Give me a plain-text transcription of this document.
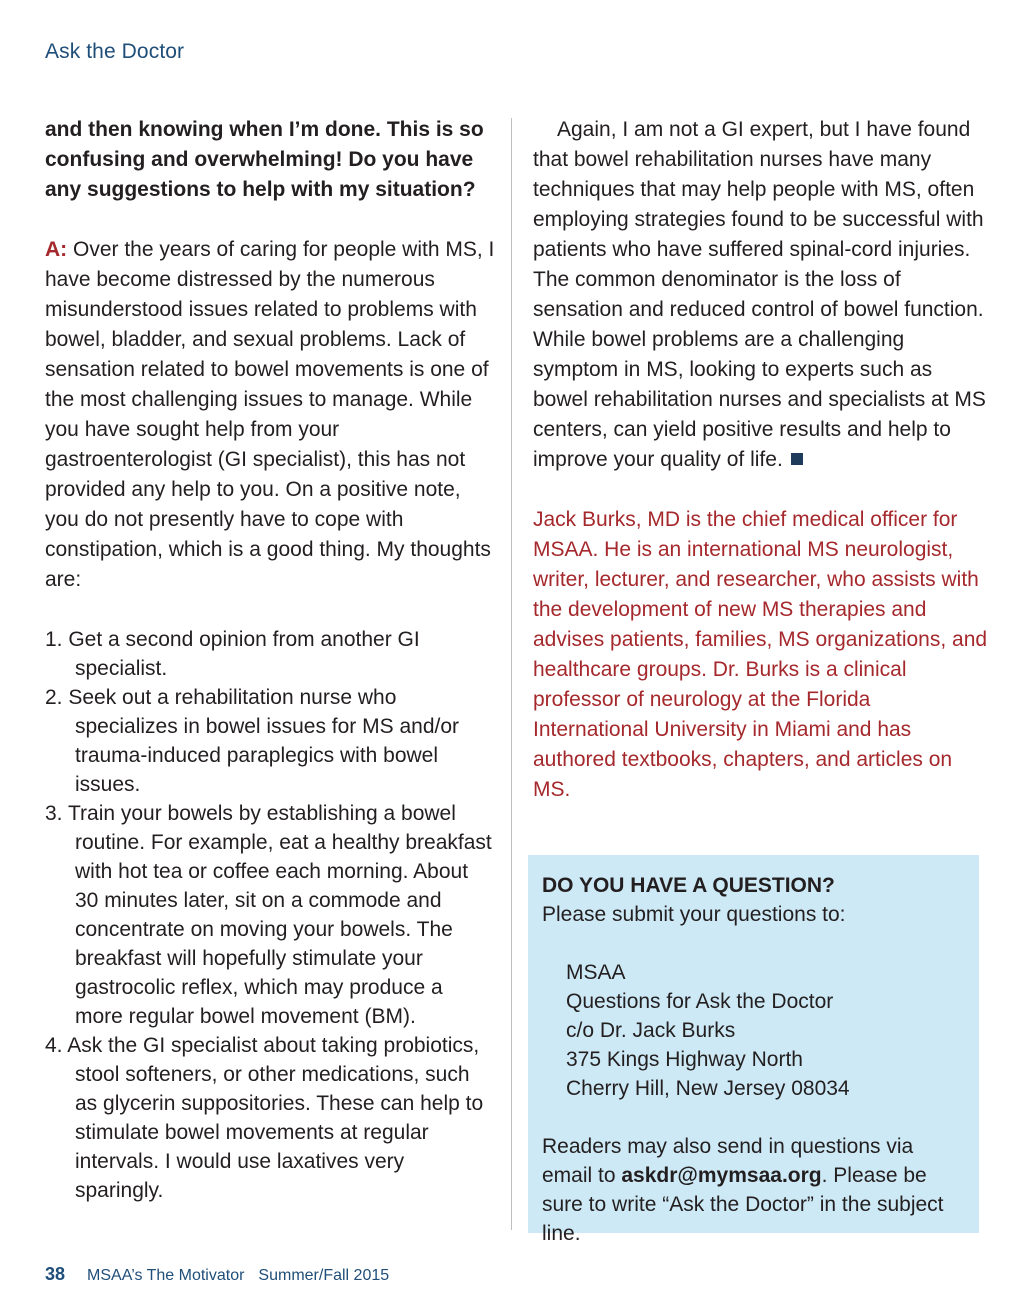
Ask the Doctor

and then knowing when I’m done. This is so confusing and overwhelming! Do you have any suggestions to help with my situation?

A: Over the years of caring for people with MS, I have become distressed by the numerous misunderstood issues related to problems with bowel, bladder, and sexual problems. Lack of sensation related to bowel movements is one of the most challenging issues to manage. While you have sought help from your gastroenterologist (GI specialist), this has not provided any help to you. On a positive note, you do not presently have to cope with constipation, which is a good thing. My thoughts are:

1. Get a second opinion from another GI specialist.
2. Seek out a rehabilitation nurse who specializes in bowel issues for MS and/or trauma-induced paraplegics with bowel issues.
3. Train your bowels by establishing a bowel routine. For example, eat a healthy breakfast with hot tea or coffee each morning. About 30 minutes later, sit on a commode and concentrate on moving your bowels. The breakfast will hopefully stimulate your gastrocolic reflex, which may produce a more regular bowel movement (BM).
4. Ask the GI specialist about taking probiotics, stool softeners, or other medications, such as glycerin suppositories. These can help to stimulate bowel movements at regular intervals. I would use laxatives very sparingly.

Again, I am not a GI expert, but I have found that bowel rehabilitation nurses have many techniques that may help people with MS, often employing strategies found to be successful with patients who have suffered spinal-cord injuries. The common denominator is the loss of sensation and reduced control of bowel function. While bowel problems are a challenging symptom in MS, looking to experts such as bowel rehabilitation nurses and specialists at MS centers, can yield positive results and help to improve your quality of life.

Jack Burks, MD is the chief medical officer for MSAA. He is an international MS neurologist, writer, lecturer, and researcher, who assists with the development of new MS therapies and advises patients, families, MS organizations, and healthcare groups. Dr. Burks is a clinical professor of neurology at the Florida International University in Miami and has authored textbooks, chapters, and articles on MS.

DO YOU HAVE A QUESTION?
Please submit your questions to:
MSAA
Questions for Ask the Doctor
c/o Dr. Jack Burks
375 Kings Highway North
Cherry Hill, New Jersey 08034
Readers may also send in questions via email to askdr@mymsaa.org. Please be sure to write “Ask the Doctor” in the subject line.
38 MSAA’s The Motivator Summer/Fall 2015
